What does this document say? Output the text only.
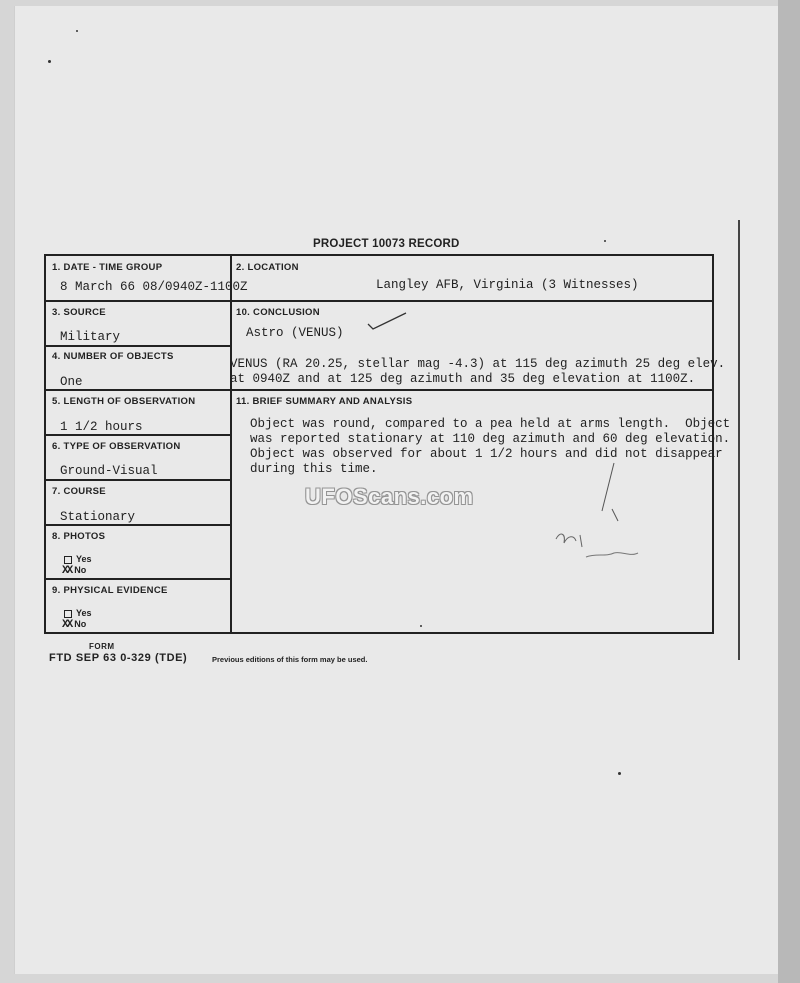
PROJECT 10073 RECORD
1. DATE - TIME GROUP
8 March 66 08/0940Z-1100Z
2. LOCATION
Langley AFB, Virginia (3 Witnesses)
3. SOURCE
Military
10. CONCLUSION
Astro (VENUS)
4. NUMBER OF OBJECTS
One
VENUS (RA 20.25, stellar mag -4.3) at 115 deg azimuth 25 deg elev.
at 0940Z and at 125 deg azimuth and 35 deg elevation at 1100Z.
5. LENGTH OF OBSERVATION
1 1/2 hours
11. BRIEF SUMMARY AND ANALYSIS
Object was round, compared to a pea held at arms length.  Object
was reported stationary at 110 deg azimuth and 60 deg elevation.
Object was observed for about 1 1/2 hours and did not disappear
during this time.
6. TYPE OF OBSERVATION
Ground-Visual
7. COURSE
Stationary
8. PHOTOS
Yes
XX No
9. PHYSICAL EVIDENCE
Yes
XX No
UFOScans.com
FORM
FTD SEP 63 0-329 (TDE)	Previous editions of this form may be used.
